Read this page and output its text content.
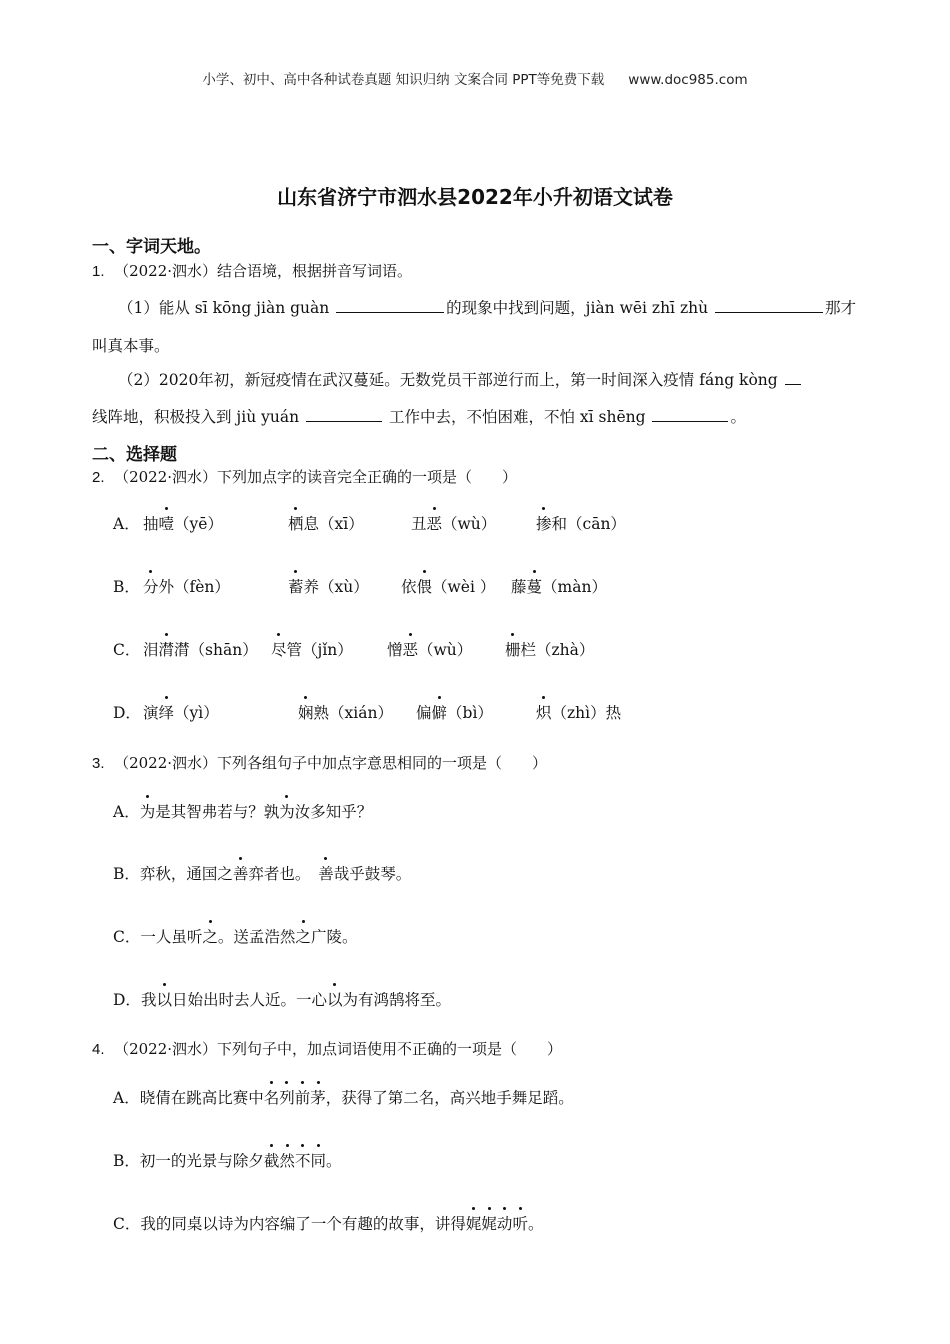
小学、初中、高中各种试卷真题 知识归纳 文案合同 PPT等免费下载 www.doc985.com
山东省济宁市泗水县2022年小升初语文试卷
一、字词天地。
1. （2022·泗水）结合语境，根据拼音写词语。
（1）能从 sī kōng jiàn guàn	的现象中找到问题，jiàn wēi zhī zhù	那才
叫真本事。
（2）2020年初，新冠疫情在武汉蔓延。无数党员干部逆行而上，第一时间深入疫情 fáng kòng
线阵地，积极投入到 jiù yuán	工作中去，不怕困难，不怕 xī shēng	。
二、选择题
2. （2022·泗水）下列加点字的读音完全正确的一项是（　　）
A． 抽噎（yē）	栖息（xī）	丑恶（wù）	掺和（cān）
B． 分外（fèn）	蓄养（xù） 依偎（wèi ） 藤蔓（màn）
C． 泪潸潸（shān） 尽管（jǐn） 憎恶（wù） 栅栏（zhà）
D． 演绎（yì）	娴熟（xián） 偏僻（bì）	炽（zhì）热
3. （2022·泗水）下列各组句子中加点字意思相同的一项是（　　）
A．为是其智弗若与？孰为汝多知乎？
B．弈秋，通国之善弈者也。　善哉乎鼓琴。
C．一人虽听之。送孟浩然之广陵。
D．我以日始出时去人近。一心以为有鸿鹄将至。
4. （2022·泗水）下列句子中，加点词语使用不正确的一项是（　　）
A．晓倩在跳高比赛中名列前茅，获得了第二名，高兴地手舞足蹈。
B．初一的光景与除夕截然不同。
C．我的同桌以诗为内容编了一个有趣的故事，讲得娓娓动听。
